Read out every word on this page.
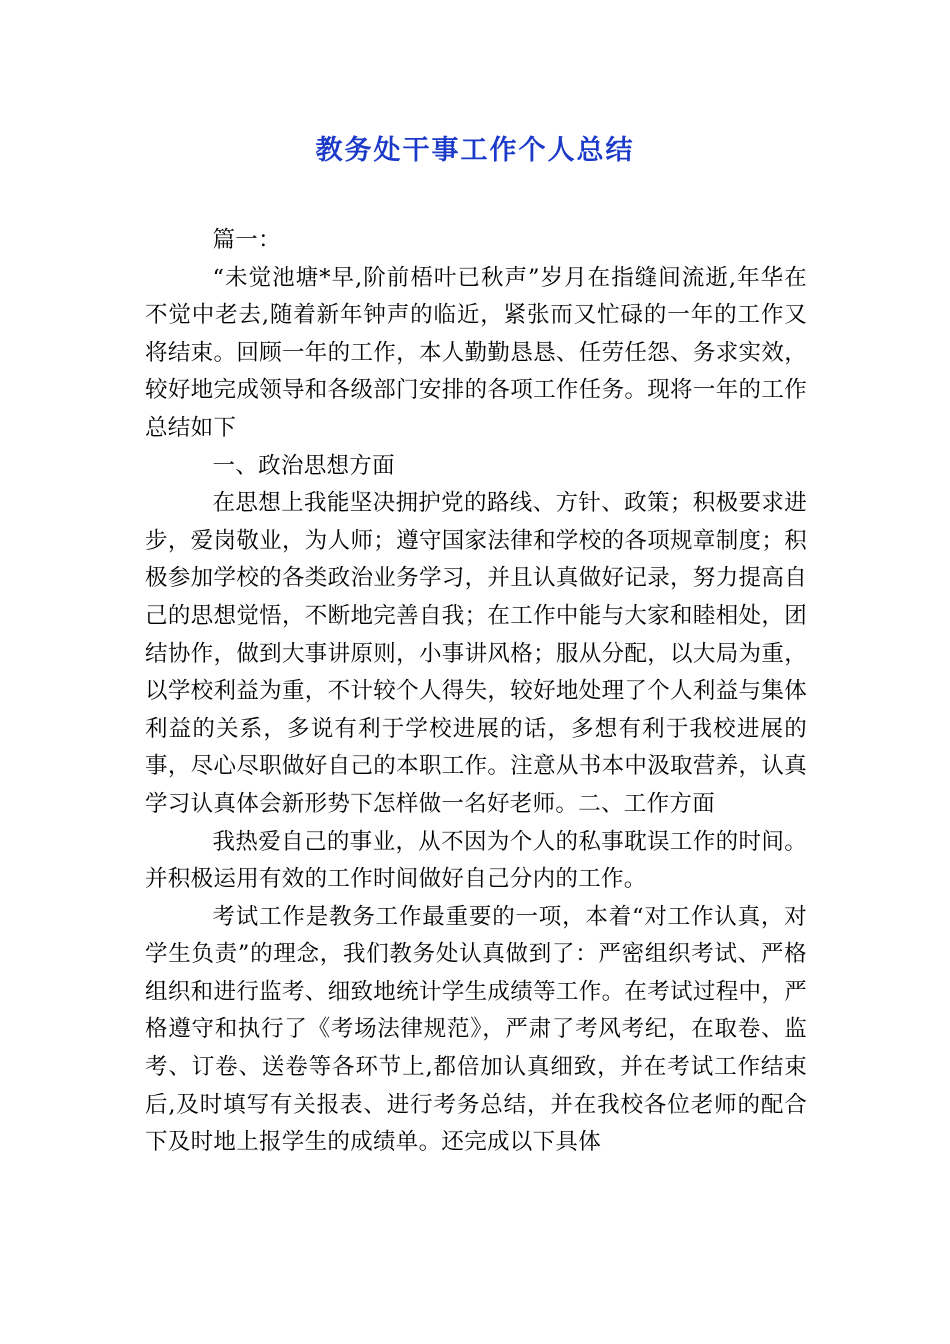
教务处干事工作个人总结

篇一：

“未觉池塘*早,阶前梧叶已秋声”岁月在指缝间流逝,年华在不觉中老去,随着新年钟声的临近，紧张而又忙碌的一年的工作又将结束。回顾一年的工作，本人勤勤恳恳、任劳任怨、务求实效，较好地完成领导和各级部门安排的各项工作任务。现将一年的工作总结如下

一、政治思想方面

在思想上我能坚决拥护党的路线、方针、政策；积极要求进步，爱岗敬业，为人师；遵守国家法律和学校的各项规章制度；积极参加学校的各类政治业务学习，并且认真做好记录，努力提高自己的思想觉悟，不断地完善自我；在工作中能与大家和睦相处，团结协作，做到大事讲原则，小事讲风格；服从分配，以大局为重，以学校利益为重，不计较个人得失，较好地处理了个人利益与集体利益的关系，多说有利于学校进展的话，多想有利于我校进展的事，尽心尽职做好自己的本职工作。注意从书本中汲取营养，认真学习认真体会新形势下怎样做一名好老师。二、工作方面

我热爱自己的事业，从不因为个人的私事耽误工作的时间。并积极运用有效的工作时间做好自己分内的工作。

考试工作是教务工作最重要的一项，本着“对工作认真，对学生负责”的理念，我们教务处认真做到了：严密组织考试、严格组织和进行监考、细致地统计学生成绩等工作。在考试过程中，严格遵守和执行了《考场法律规范》，严肃了考风考纪，在取卷、监考、订卷、送卷等各环节上,都倍加认真细致，并在考试工作结束后,及时填写有关报表、进行考务总结，并在我校各位老师的配合下及时地上报学生的成绩单。还完成以下具体
